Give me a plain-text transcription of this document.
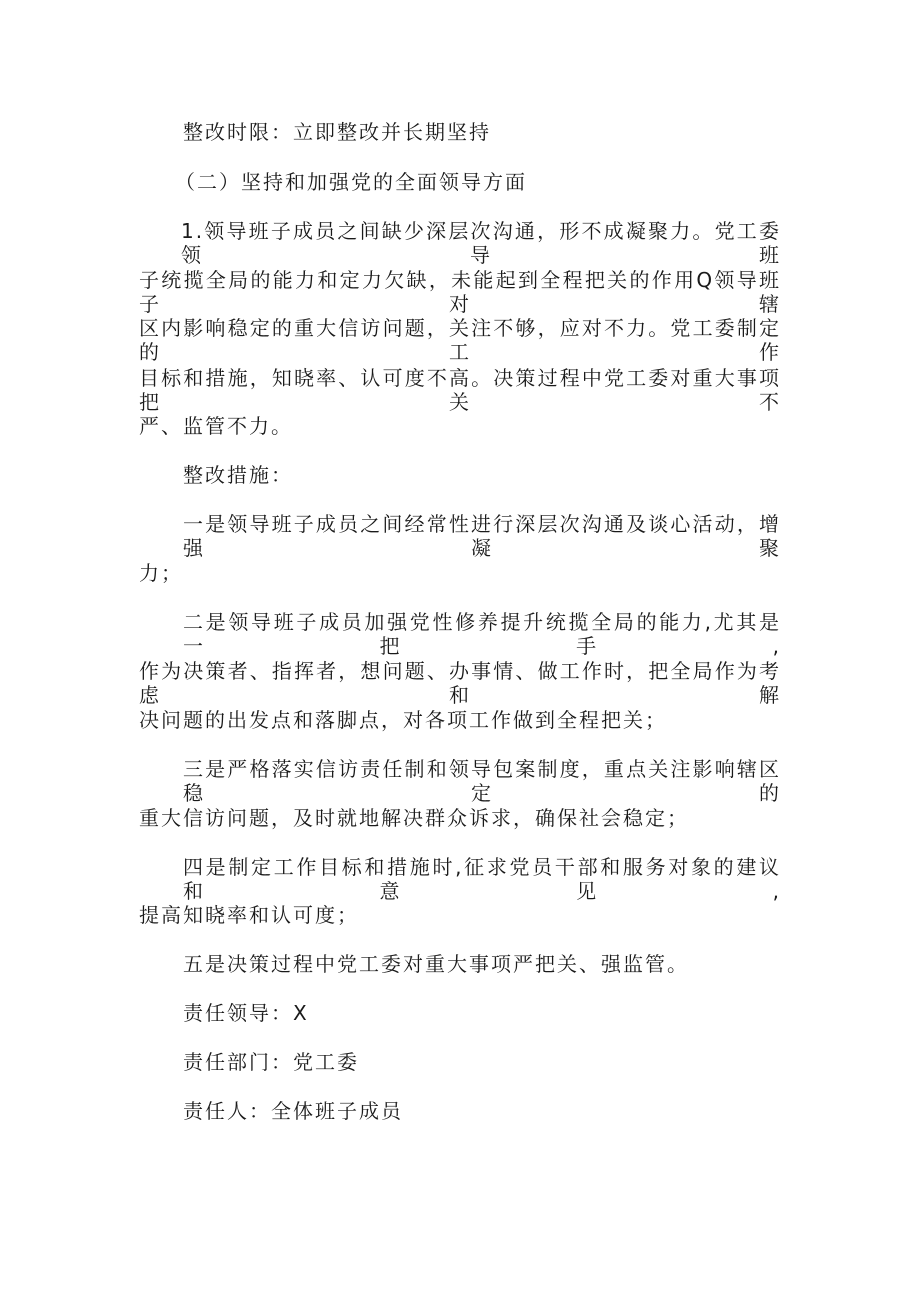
整改时限：立即整改并长期坚持
（二）坚持和加强党的全面领导方面
1.领导班子成员之间缺少深层次沟通，形不成凝聚力。党工委领导班
子统揽全局的能力和定力欠缺，未能起到全程把关的作用Q领导班子对辖
区内影响稳定的重大信访问题，关注不够，应对不力。党工委制定的工作
目标和措施，知晓率、认可度不高。决策过程中党工委对重大事项把关不
严、监管不力。
整改措施：
一是领导班子成员之间经常性进行深层次沟通及谈心活动，增强凝聚
力；
二是领导班子成员加强党性修养提升统揽全局的能力,尤其是一把手,
作为决策者、指挥者，想问题、办事情、做工作时，把全局作为考虑和解
决问题的出发点和落脚点，对各项工作做到全程把关；
三是严格落实信访责任制和领导包案制度，重点关注影响辖区稳定的
重大信访问题，及时就地解决群众诉求，确保社会稳定；
四是制定工作目标和措施时,征求党员干部和服务对象的建议和意见,
提高知晓率和认可度；
五是决策过程中党工委对重大事项严把关、强监管。
责任领导：X
责任部门：党工委
责任人：全体班子成员
